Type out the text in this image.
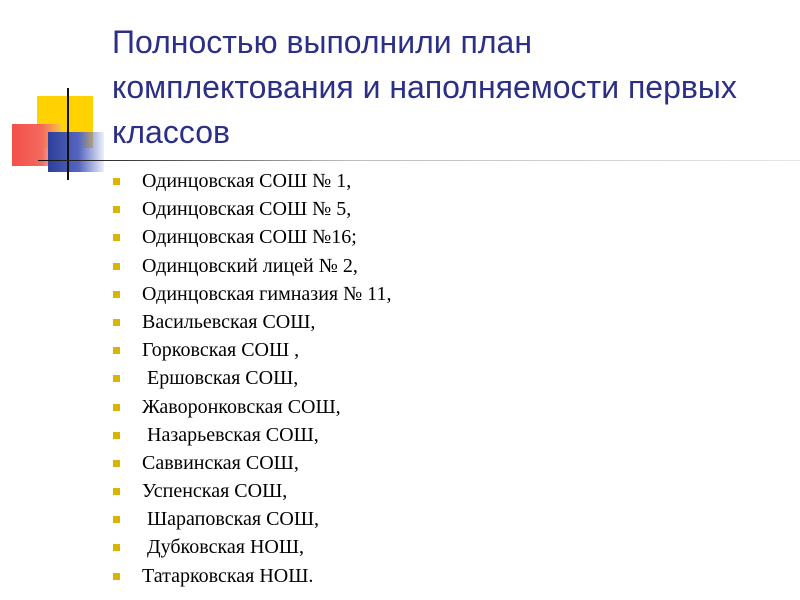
Полностью выполнили план комплектования и наполняемости первых классов
Одинцовская СОШ № 1,
Одинцовская СОШ № 5,
Одинцовская СОШ №16;
Одинцовский лицей № 2,
Одинцовская гимназия № 11,
Васильевская СОШ,
Горковская СОШ ,
Ершовская СОШ,
Жаворонковская СОШ,
Назарьевская СОШ,
Саввинская СОШ,
Успенская СОШ,
Шараповская СОШ,
Дубковская НОШ,
Татарковская НОШ.
